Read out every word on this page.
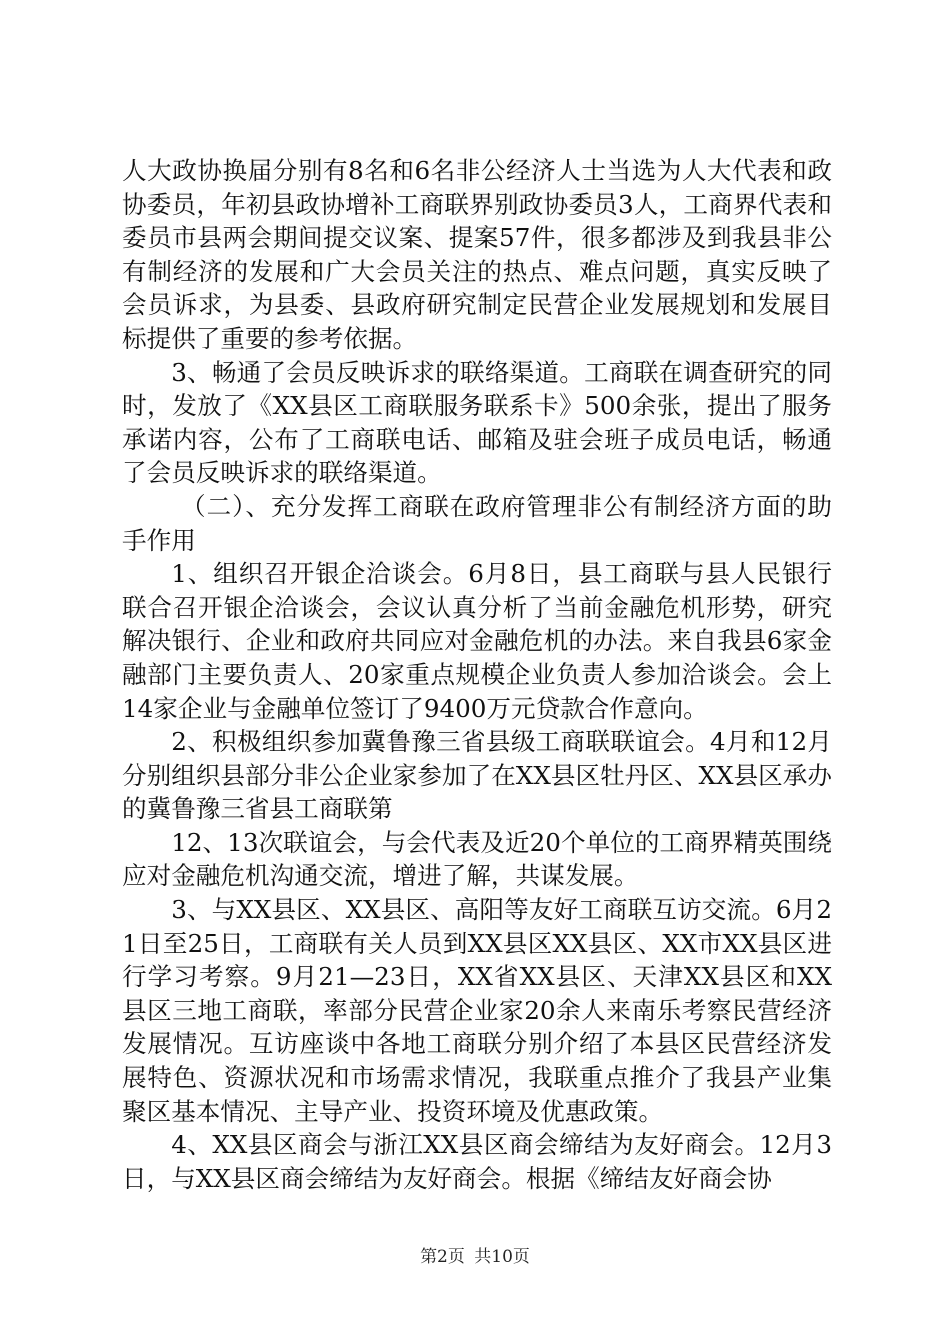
人大政协换届分别有8名和6名非公经济人士当选为人大代表和政协委员，年初县政协增补工商联界别政协委员3人，工商界代表和委员市县两会期间提交议案、提案57件，很多都涉及到我县非公有制经济的发展和广大会员关注的热点、难点问题，真实反映了会员诉求，为县委、县政府研究制定民营企业发展规划和发展目标提供了重要的参考依据。

3、畅通了会员反映诉求的联络渠道。工商联在调查研究的同时，发放了《XX县区工商联服务联系卡》500余张，提出了服务承诺内容，公布了工商联电话、邮箱及驻会班子成员电话，畅通了会员反映诉求的联络渠道。

（二）、充分发挥工商联在政府管理非公有制经济方面的助手作用

1、组织召开银企洽谈会。6月8日，县工商联与县人民银行联合召开银企洽谈会，会议认真分析了当前金融危机形势，研究解决银行、企业和政府共同应对金融危机的办法。来自我县6家金融部门主要负责人、20家重点规模企业负责人参加洽谈会。会上14家企业与金融单位签订了9400万元贷款合作意向。

2、积极组织参加冀鲁豫三省县级工商联联谊会。4月和12月分别组织县部分非公企业家参加了在XX县区牡丹区、XX县区承办的冀鲁豫三省县工商联第

12、13次联谊会，与会代表及近20个单位的工商界精英围绕应对金融危机沟通交流，增进了解，共谋发展。

3、与XX县区、XX县区、高阳等友好工商联互访交流。6月21日至25日，工商联有关人员到XX县区XX县区、XX市XX县区进行学习考察。9月21—23日，XX省XX县区、天津XX县区和XX县区三地工商联，率部分民营企业家20余人来南乐考察民营经济发展情况。互访座谈中各地工商联分别介绍了本县区民营经济发展特色、资源状况和市场需求情况，我联重点推介了我县产业集聚区基本情况、主导产业、投资环境及优惠政策。

4、XX县区商会与浙江XX县区商会缔结为友好商会。12月3日，与XX县区商会缔结为友好商会。根据《缔结友好商会协

第2页 共10页
